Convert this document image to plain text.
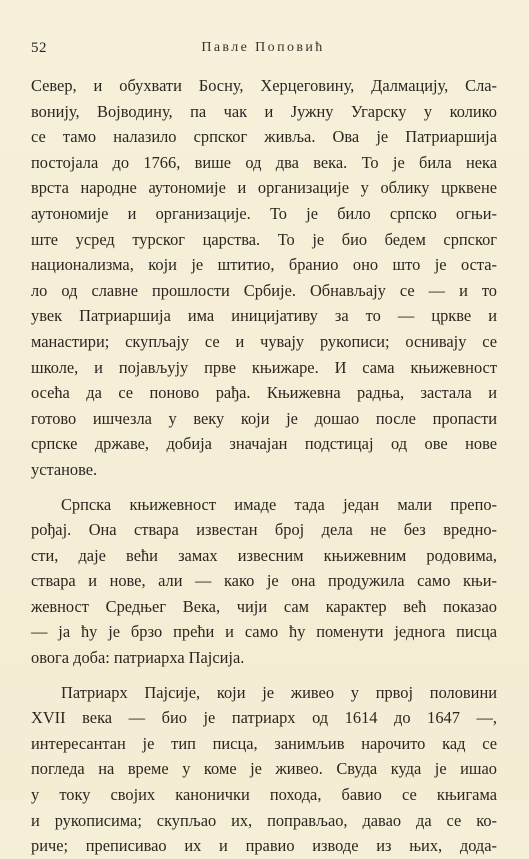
52	Павле Поповић
Север, и обухвати Босну, Херцеговину, Далмацију, Сла-
вонију, Војводину, па чак и Јужну Угарску у колико
се тамо налазило српског живља. Ова је Патриаршија
постојала до 1766, више од два века. То је била нека
врста народне аутономије и организације у облику црквене
аутономије и организације. То је било српско огњи-
ште усред турског царства. То је био бедем српског
национализма, који је штитио, бранио оно што је оста-
ло од славне прошлости Србије. Обнављају се — и то
увек Патриаршија има иницијативу за то — цркве и
манастири; скупљају се и чувају рукописи; оснивају се
школе, и појављују прве књижаре. И сама књижевност
осећа да се поново рађа. Књижевна радња, застала и
готово ишчезла у веку који је дошао после пропасти
српске државе, добија значајан подстицај од ове нове
установе.
Српска књижевност имаде тада један мали препо-
рођај. Она ствара известан број дела не без вредно-
сти, даје већи замах извесним књижевним родовима,
ствара и нове, али — како је она продужила само књи-
жевност Средњег Века, чији сам карактер већ показао
— ја ћу је брзо прећи и само ћу поменути једнога писца
овога доба: патриарха Пајсија.
Патриарх Пајсије, који је живео у првој половини
XVII века — био је патриарх од 1614 до 1647 —,
интересантан је тип писца, занимљив нарочито кад се
погледа на време у коме је живео. Свуда куда је ишао
у току својих канонички похода, бавио се књигама
и рукописима; скупљао их, поправљао, давао да се ко-
риче; преписивао их и правио изводе из њих, дода-
